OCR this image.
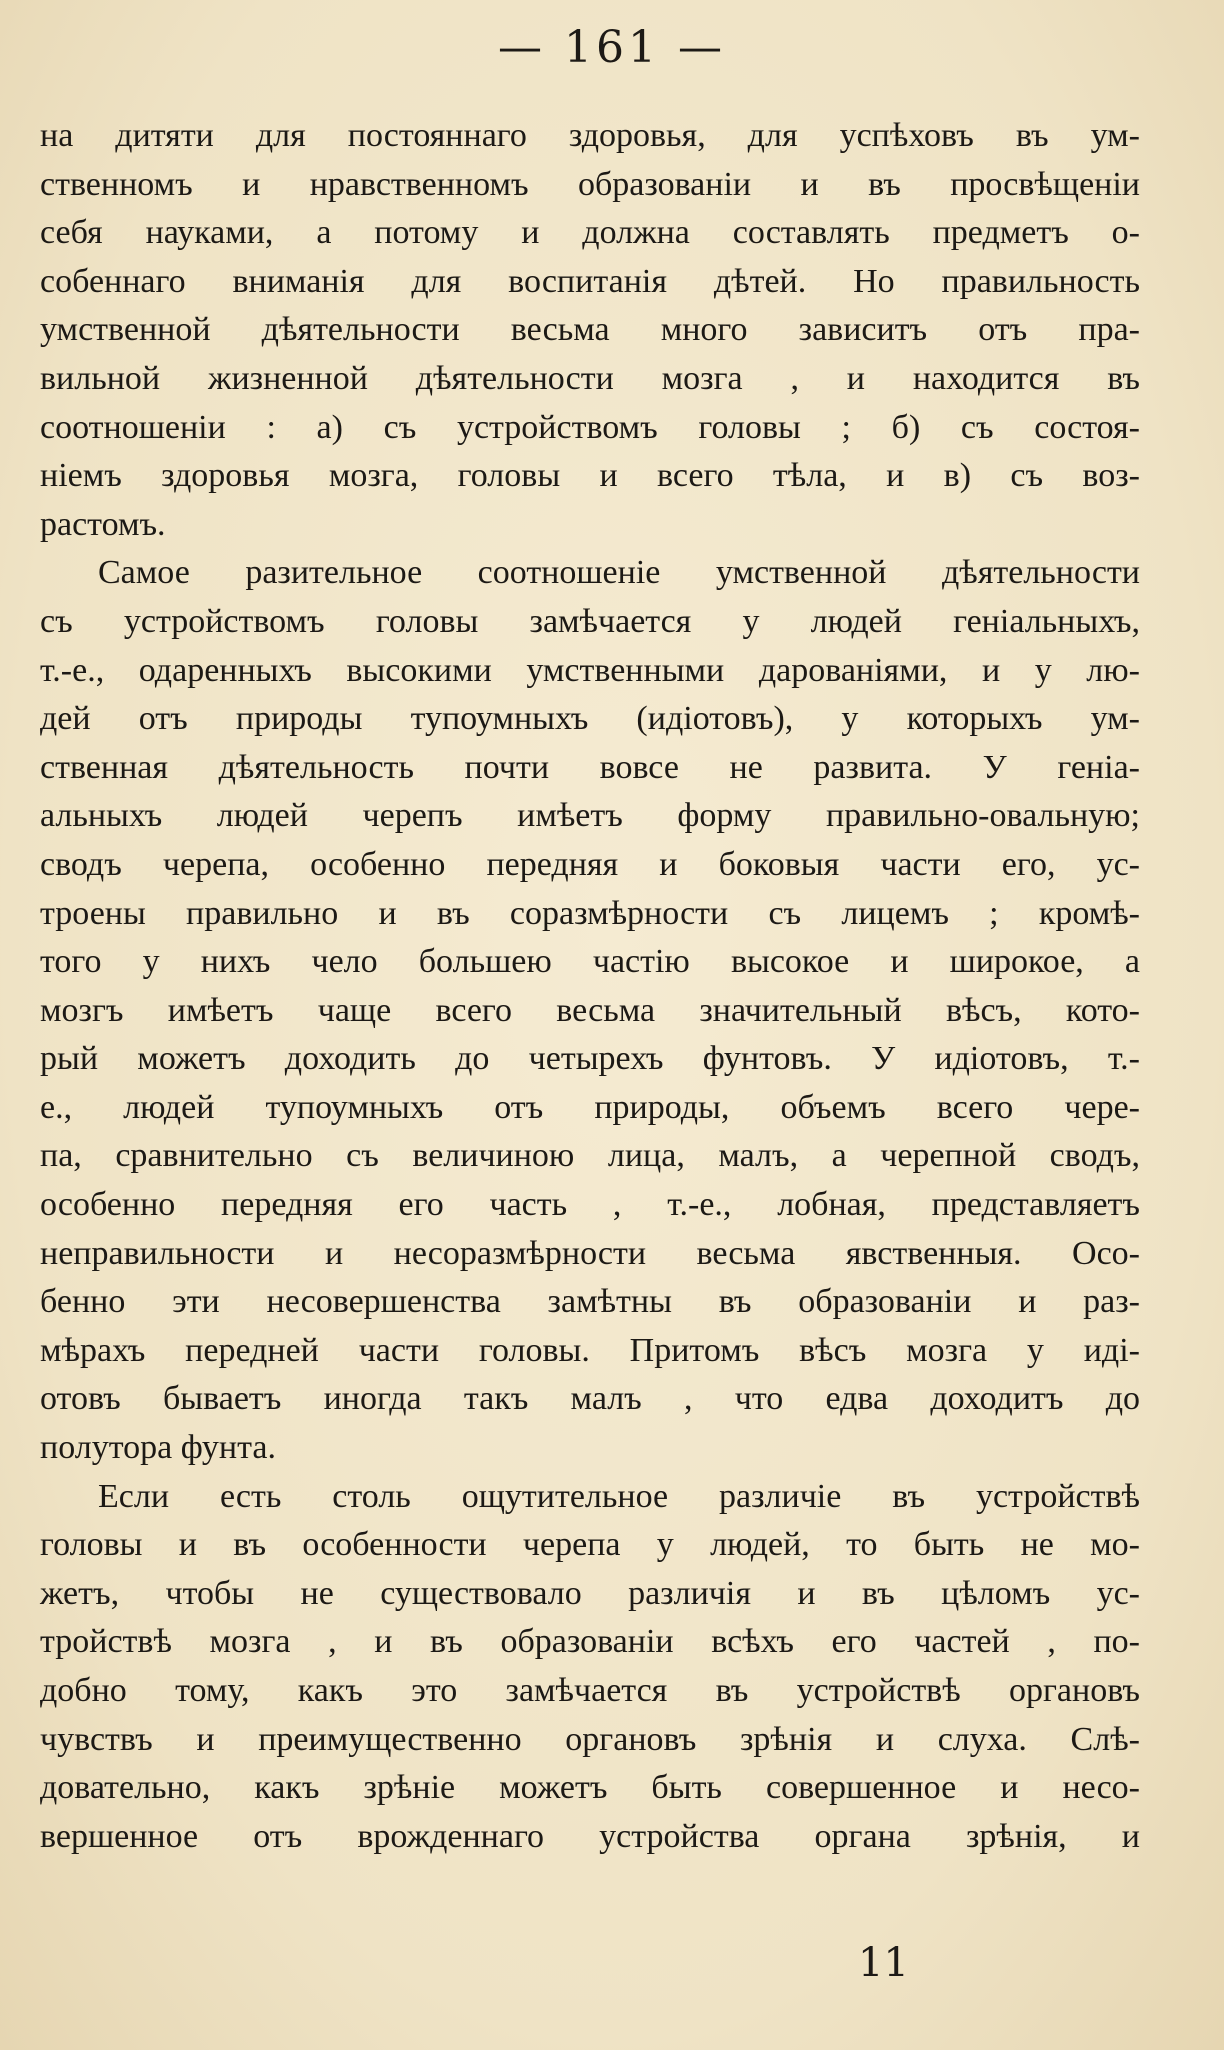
— 161 —
на дитяти для постояннаго здоровья, для успѣховъ въ ум-
ственномъ и нравственномъ образованіи и въ просвѣщеніи
себя науками, а потому и должна составлять предметъ о-
собеннаго вниманія для воспитанія дѣтей. Но правильность
умственной дѣятельности весьма много зависитъ отъ пра-
вильной жизненной дѣятельности мозга , и находится въ
соотношеніи : а) съ устройствомъ головы ; б) съ состоя-
ніемъ здоровья мозга, головы и всего тѣла, и в) съ воз-
растомъ.
Самое разительное соотношеніе умственной дѣятельности
съ устройствомъ головы замѣчается у людей геніальныхъ,
т.-е., одаренныхъ высокими умственными дарованіями, и у лю-
дей отъ природы тупоумныхъ (идіотовъ), у которыхъ ум-
ственная дѣятельность почти вовсе не развита. У геніа-
альныхъ людей черепъ имѣетъ форму правильно-овальную;
сводъ черепа, особенно передняя и боковыя части его, ус-
троены правильно и въ соразмѣрности съ лицемъ ; кромѣ-
того у нихъ чело большею частію высокое и широкое, а
мозгъ имѣетъ чаще всего весьма значительный вѣсъ, кото-
рый можетъ доходить до четырехъ фунтовъ. У идіотовъ, т.-
е., людей тупоумныхъ отъ природы, объемъ всего чере-
па, сравнительно съ величиною лица, малъ, а черепной сводъ,
особенно передняя его часть , т.-е., лобная, представляетъ
неправильности и несоразмѣрности весьма явственныя. Осо-
бенно эти несовершенства замѣтны въ образованіи и раз-
мѣрахъ передней части головы. Притомъ вѣсъ мозга у иді-
отовъ бываетъ иногда такъ малъ , что едва доходитъ до
полутора фунта.
Если есть столь ощутительное различіе въ устройствѣ
головы и въ особенности черепа у людей, то быть не мо-
жетъ, чтобы не существовало различія и въ цѣломъ ус-
тройствѣ мозга , и въ образованіи всѣхъ его частей , по-
добно тому, какъ это замѣчается въ устройствѣ органовъ
чувствъ и преимущественно органовъ зрѣнія и слуха. Слѣ-
довательно, какъ зрѣніе можетъ быть совершенное и несо-
вершенное отъ врожденнаго устройства органа зрѣнія, и
11
